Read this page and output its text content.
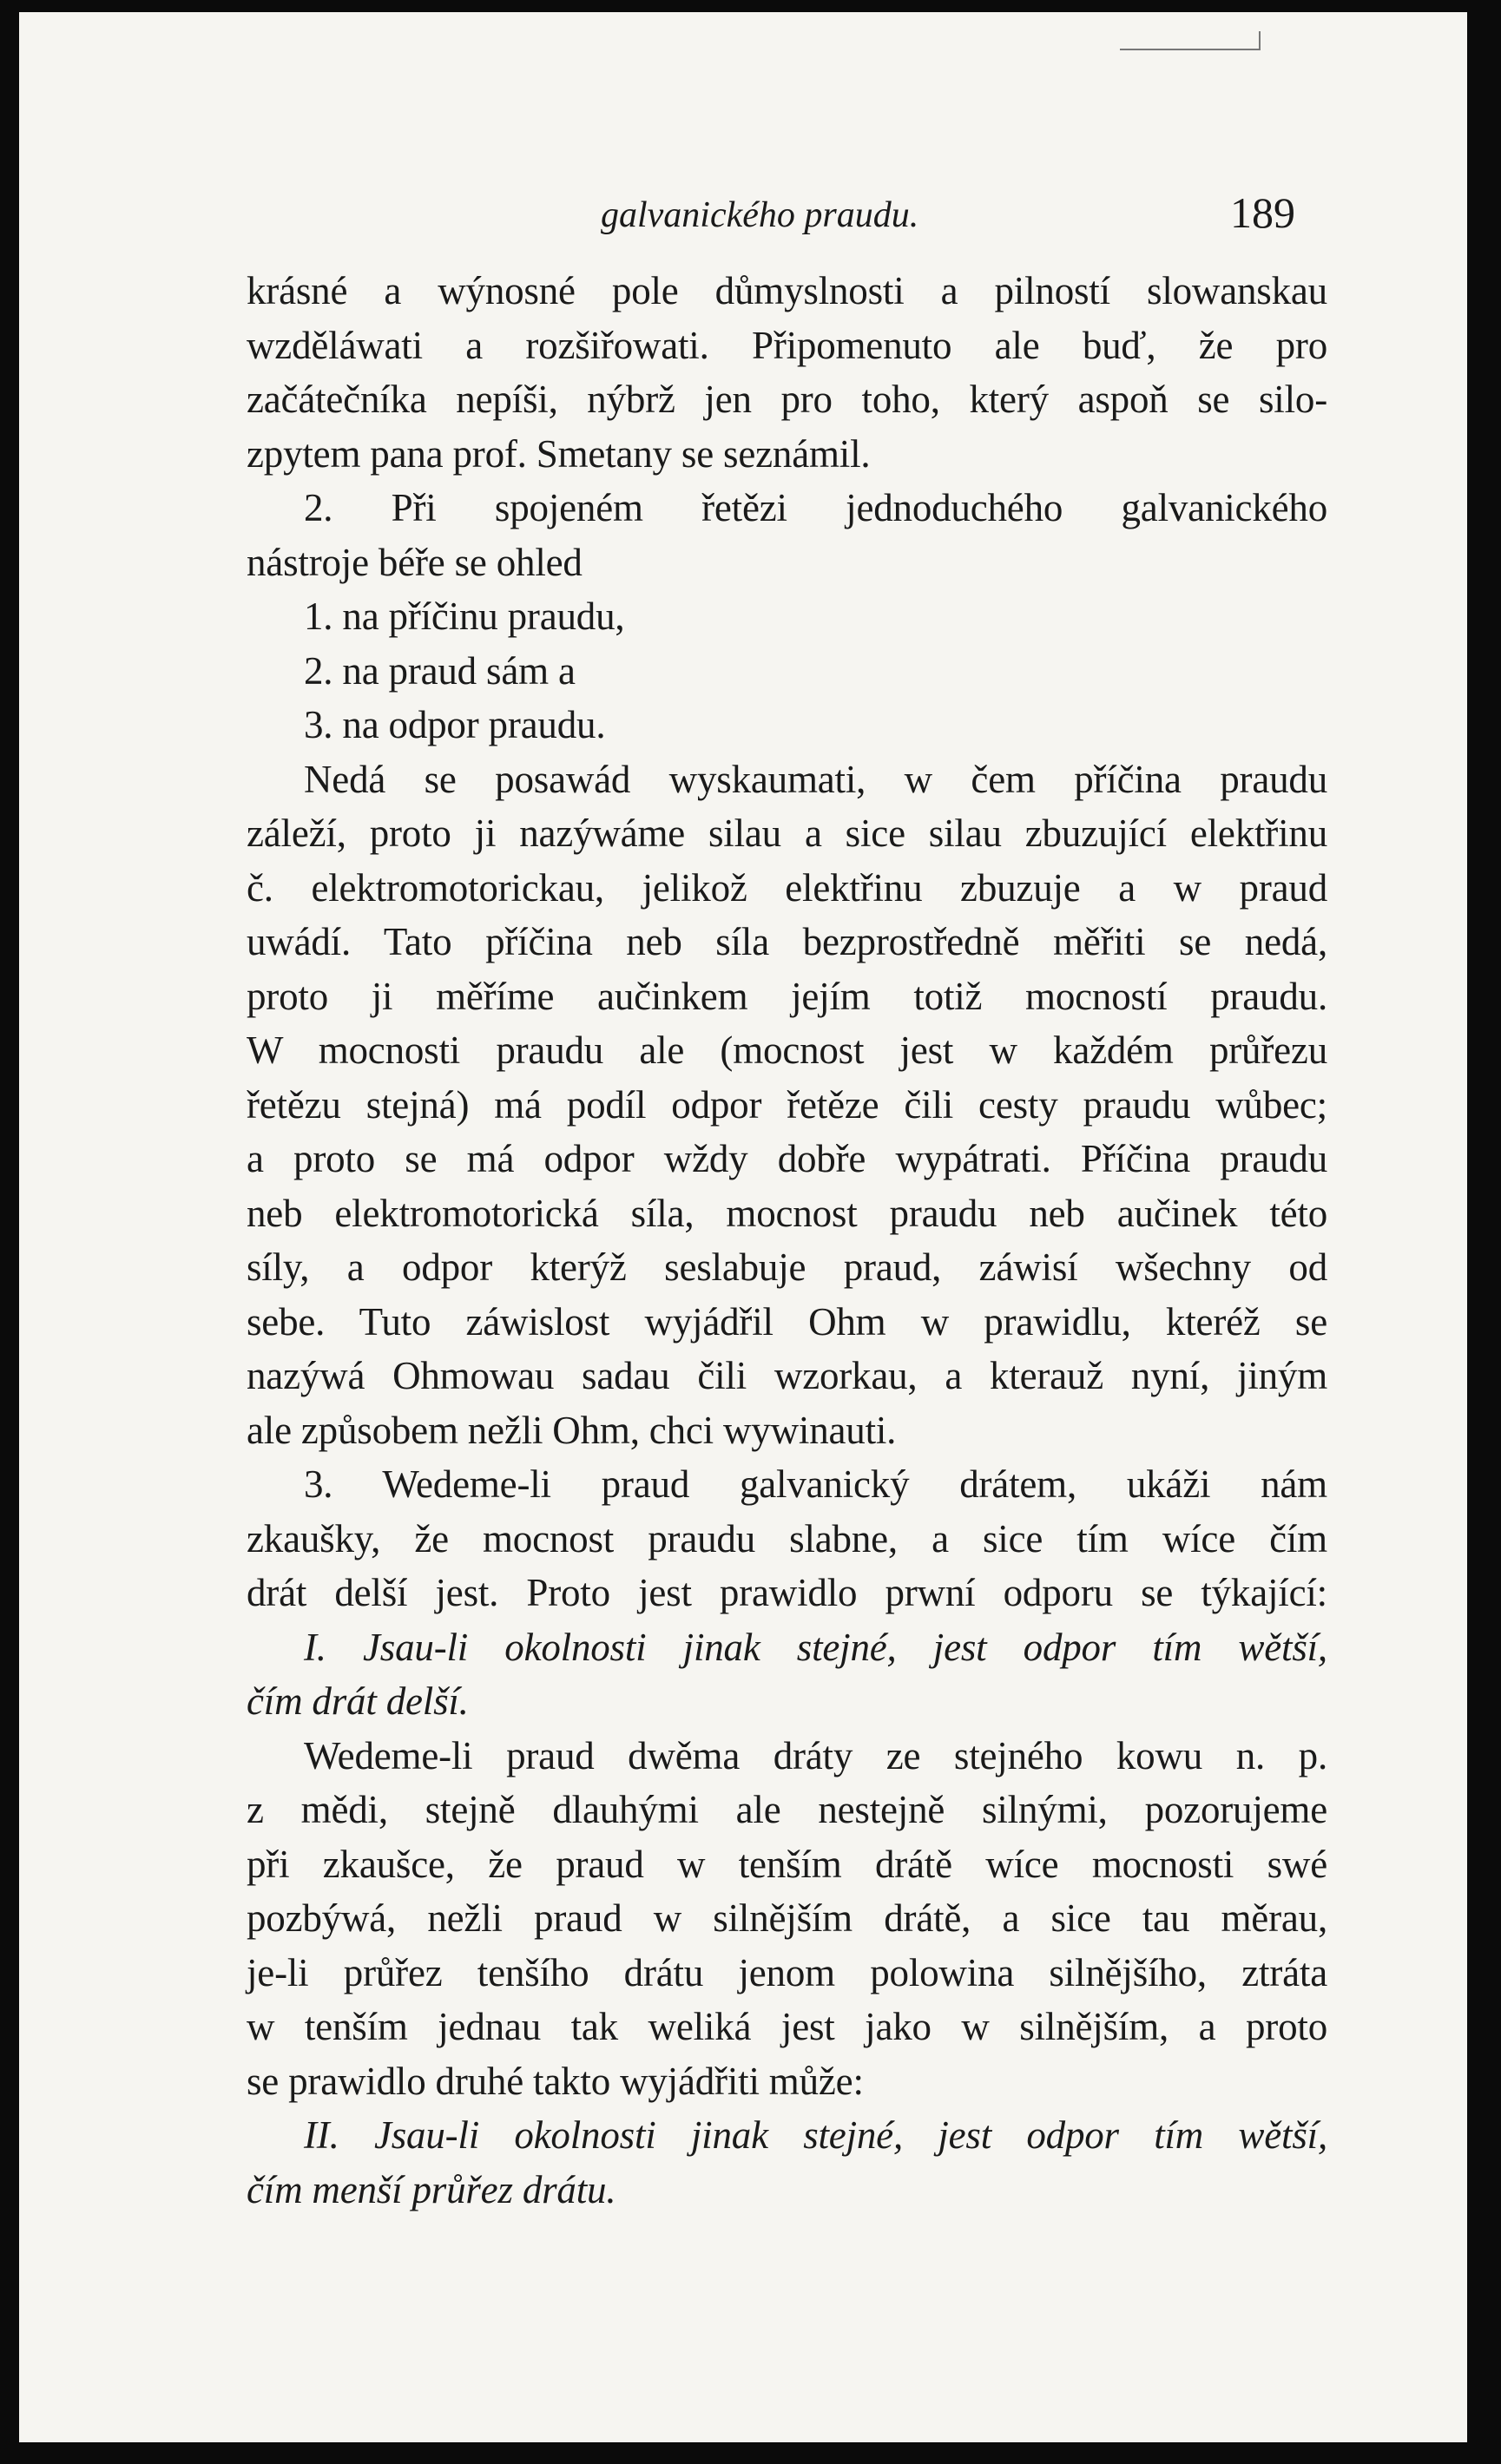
galvanického praudu.	189
krásné a wýnosné pole důmyslnosti a pilností slowanskau
wzděláwati a rozšiřowati. Připomenuto ale buď, že pro
začátečníka nepíši, nýbrž jen pro toho, který aspoň se silo-
zpytem pana prof. Smetany se seznámil.
2. Při spojeném řetězi jednoduchého galvanického
nástroje béře se ohled
1. na příčinu praudu,
2. na praud sám a
3. na odpor praudu.
Nedá se posawád wyskaumati, w čem příčina praudu
záleží, proto ji nazýwáme silau a sice silau zbuzující elektřinu
č. elektromotorickau, jelikož elektřinu zbuzuje a w praud
uwádí. Tato příčina neb síla bezprostředně měřiti se nedá,
proto ji měříme aučinkem jejím totiž mocností praudu.
W mocnosti praudu ale (mocnost jest w každém průřezu
řetězu stejná) má podíl odpor řetěze čili cesty praudu wůbec;
a proto se má odpor wždy dobře wypátrati. Příčina praudu
neb elektromotorická síla, mocnost praudu neb aučinek této
síly, a odpor kterýž seslabuje praud, záwisí wšechny od
sebe. Tuto záwislost wyjádřil Ohm w prawidlu, kteréž se
nazýwá Ohmowau sadau čili wzorkau, a kterauž nyní, jiným
ale způsobem nežli Ohm, chci wywinauti.
3. Wedeme-li praud galvanický drátem, ukáži nám
zkaušky, že mocnost praudu slabne, a sice tím wíce čím
drát delší jest. Proto jest prawidlo prwní odporu se týkající:
I. Jsau-li okolnosti jinak stejné, jest odpor tím wětší,
čím drát delší.
Wedeme-li praud dwěma dráty ze stejného kowu n. p.
z mědi, stejně dlauhými ale nestejně silnými, pozorujeme
při zkaušce, že praud w tenším drátě wíce mocnosti swé
pozbýwá, nežli praud w silnějším drátě, a sice tau měrau,
je-li průřez tenšího drátu jenom polowina silnějšího, ztráta
w tenším jednau tak weliká jest jako w silnějším, a proto
se prawidlo druhé takto wyjádřiti může:
II. Jsau-li okolnosti jinak stejné, jest odpor tím wětší,
čím menší průřez drátu.
